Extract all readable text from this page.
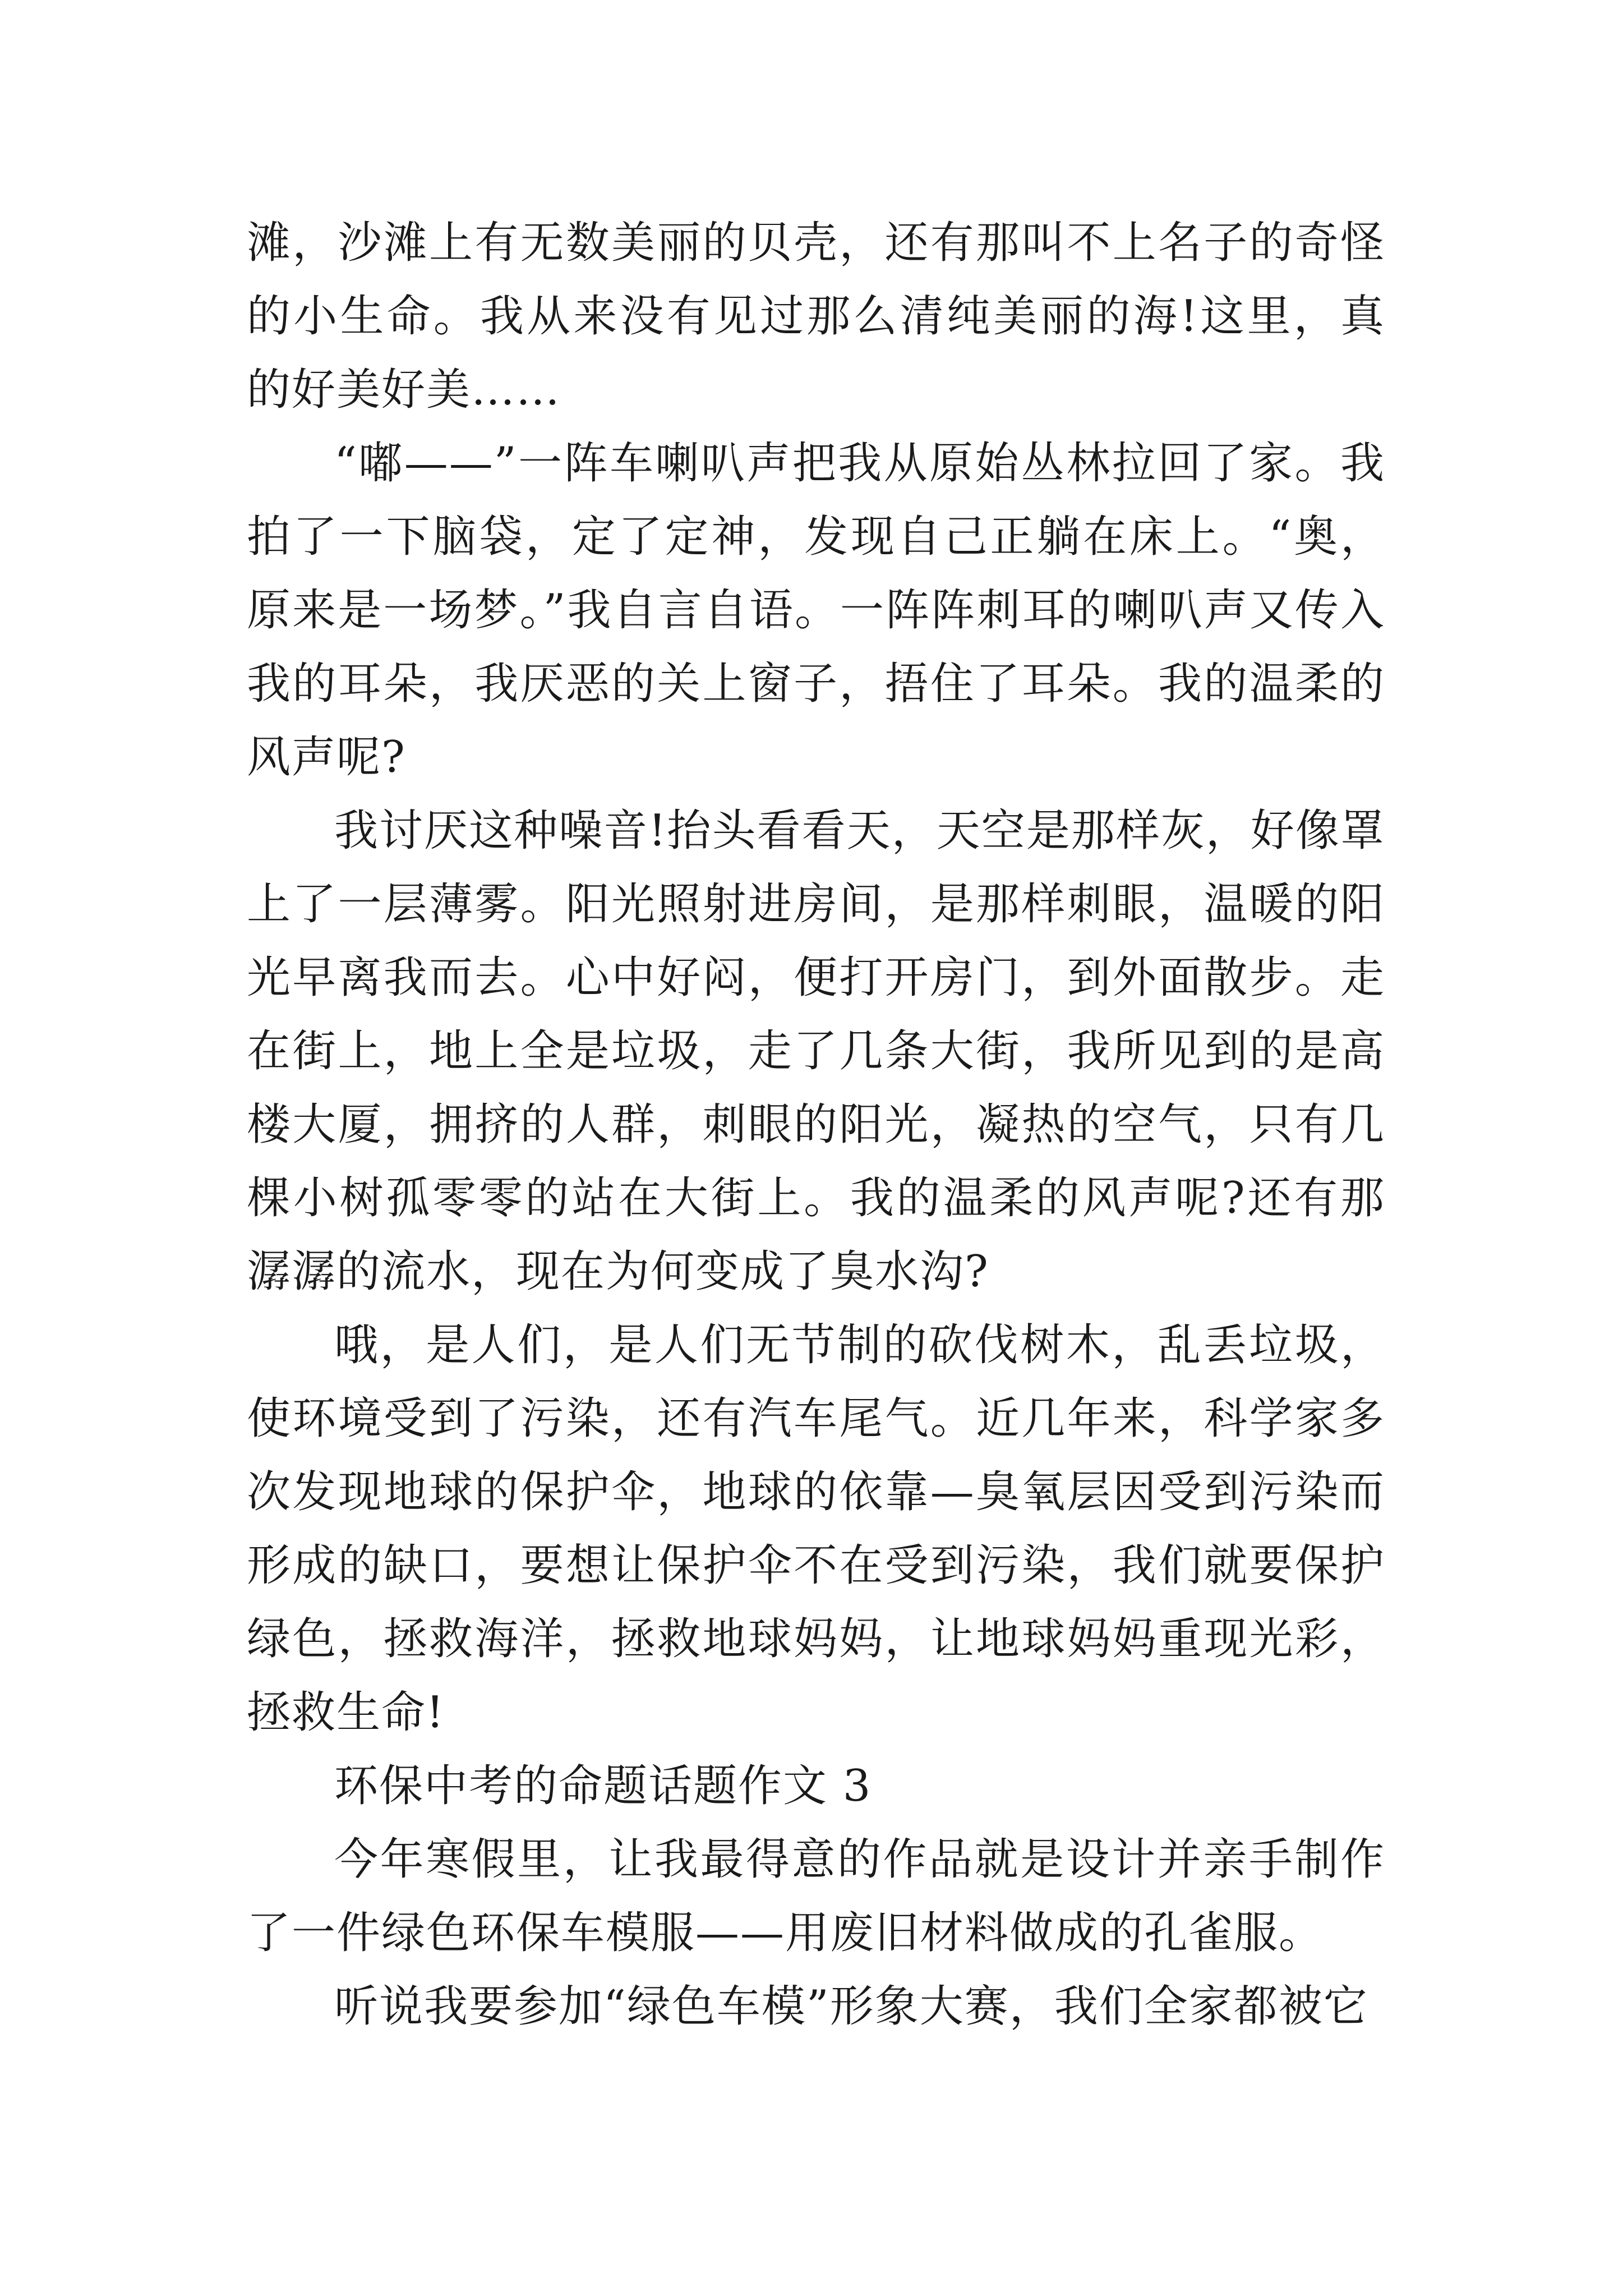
滩，沙滩上有无数美丽的贝壳，还有那叫不上名子的奇怪的小生命。我从来没有见过那么清纯美丽的海!这里，真的好美好美……

“嘟——”一阵车喇叭声把我从原始丛林拉回了家。我拍了一下脑袋，定了定神，发现自己正躺在床上。“奥，原来是一场梦。”我自言自语。一阵阵刺耳的喇叭声又传入我的耳朵，我厌恶的关上窗子，捂住了耳朵。我的温柔的风声呢?

我讨厌这种噪音!抬头看看天，天空是那样灰，好像罩上了一层薄雾。阳光照射进房间，是那样刺眼，温暖的阳光早离我而去。心中好闷，便打开房门，到外面散步。走在街上，地上全是垃圾，走了几条大街，我所见到的是高楼大厦，拥挤的人群，刺眼的阳光，凝热的空气，只有几棵小树孤零零的站在大街上。我的温柔的风声呢?还有那潺潺的流水，现在为何变成了臭水沟?

哦，是人们，是人们无节制的砍伐树木，乱丢垃圾，使环境受到了污染，还有汽车尾气。近几年来，科学家多次发现地球的保护伞，地球的依靠—臭氧层因受到污染而形成的缺口，要想让保护伞不在受到污染，我们就要保护绿色，拯救海洋，拯救地球妈妈，让地球妈妈重现光彩，拯救生命!

环保中考的命题话题作文 3

今年寒假里，让我最得意的作品就是设计并亲手制作了一件绿色环保车模服——用废旧材料做成的孔雀服。

听说我要参加“绿色车模”形象大赛，我们全家都被它
